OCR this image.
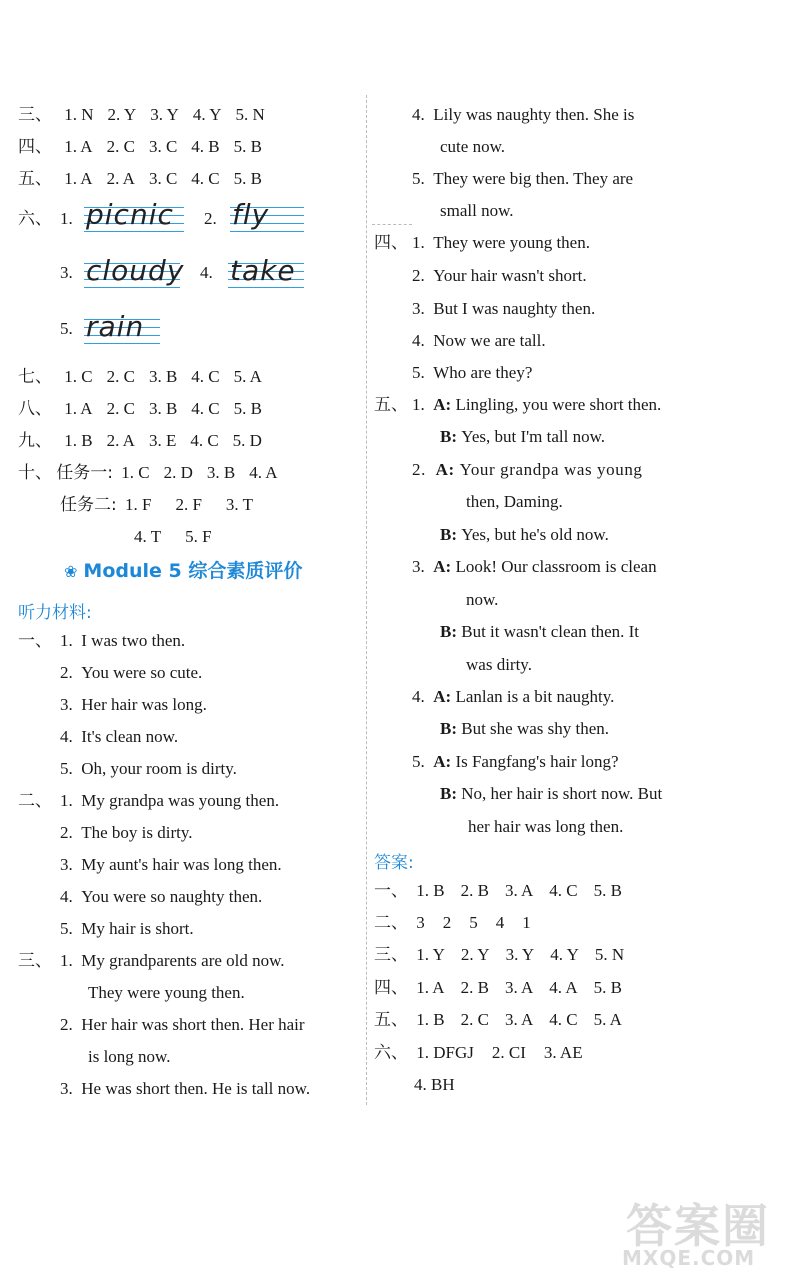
三、 1. N 2. Y 3. Y 4. Y 5. N
四、 1. A 2. C 3. C 4. B 5. B
五、 1. A 2. A 3. C 4. C 5. B
六、 1. picnic 2. fly
3. cloudy 4. take
5. rain
七、 1. C 2. C 3. B 4. C 5. A
八、 1. A 2. C 3. B 4. C 5. B
九、 1. B 2. A 3. E 4. C 5. D
十、 任务一: 1. C 2. D 3. B 4. A
任务二: 1. F 2. F 3. T
4. T 5. F
❀ Module 5 综合素质评价
听力材料:
一、 1. I was two then.
2. You were so cute.
3. Her hair was long.
4. It's clean now.
5. Oh, your room is dirty.
二、 1. My grandpa was young then.
2. The boy is dirty.
3. My aunt's hair was long then.
4. You were so naughty then.
5. My hair is short.
三、 1. My grandparents are old now.
They were young then.
2. Her hair was short then. Her hair
is long now.
3. He was short then. He is tall now.
4. Lily was naughty then. She is
cute now.
5. They were big then. They are
small now.
四、 1. They were young then.
2. Your hair wasn't short.
3. But I was naughty then.
4. Now we are tall.
5. Who are they?
五、 1. A: Lingling, you were short then.
B: Yes, but I'm tall now.
2. A: Your grandpa was young
then, Daming.
B: Yes, but he's old now.
3. A: Look! Our classroom is clean
now.
B: But it wasn't clean then. It
was dirty.
4. A: Lanlan is a bit naughty.
B: But she was shy then.
5. A: Is Fangfang's hair long?
B: No, her hair is short now. But
her hair was long then.
答案:
一、 1. B 2. B 3. A 4. C 5. B
二、 3 2 5 4 1
三、 1. Y 2. Y 3. Y 4. Y 5. N
四、 1. A 2. B 3. A 4. A 5. B
五、 1. B 2. C 3. A 4. C 5. A
六、 1. DFGJ 2. CI 3. AE
4. BH
答案圈
MXQE.COM
